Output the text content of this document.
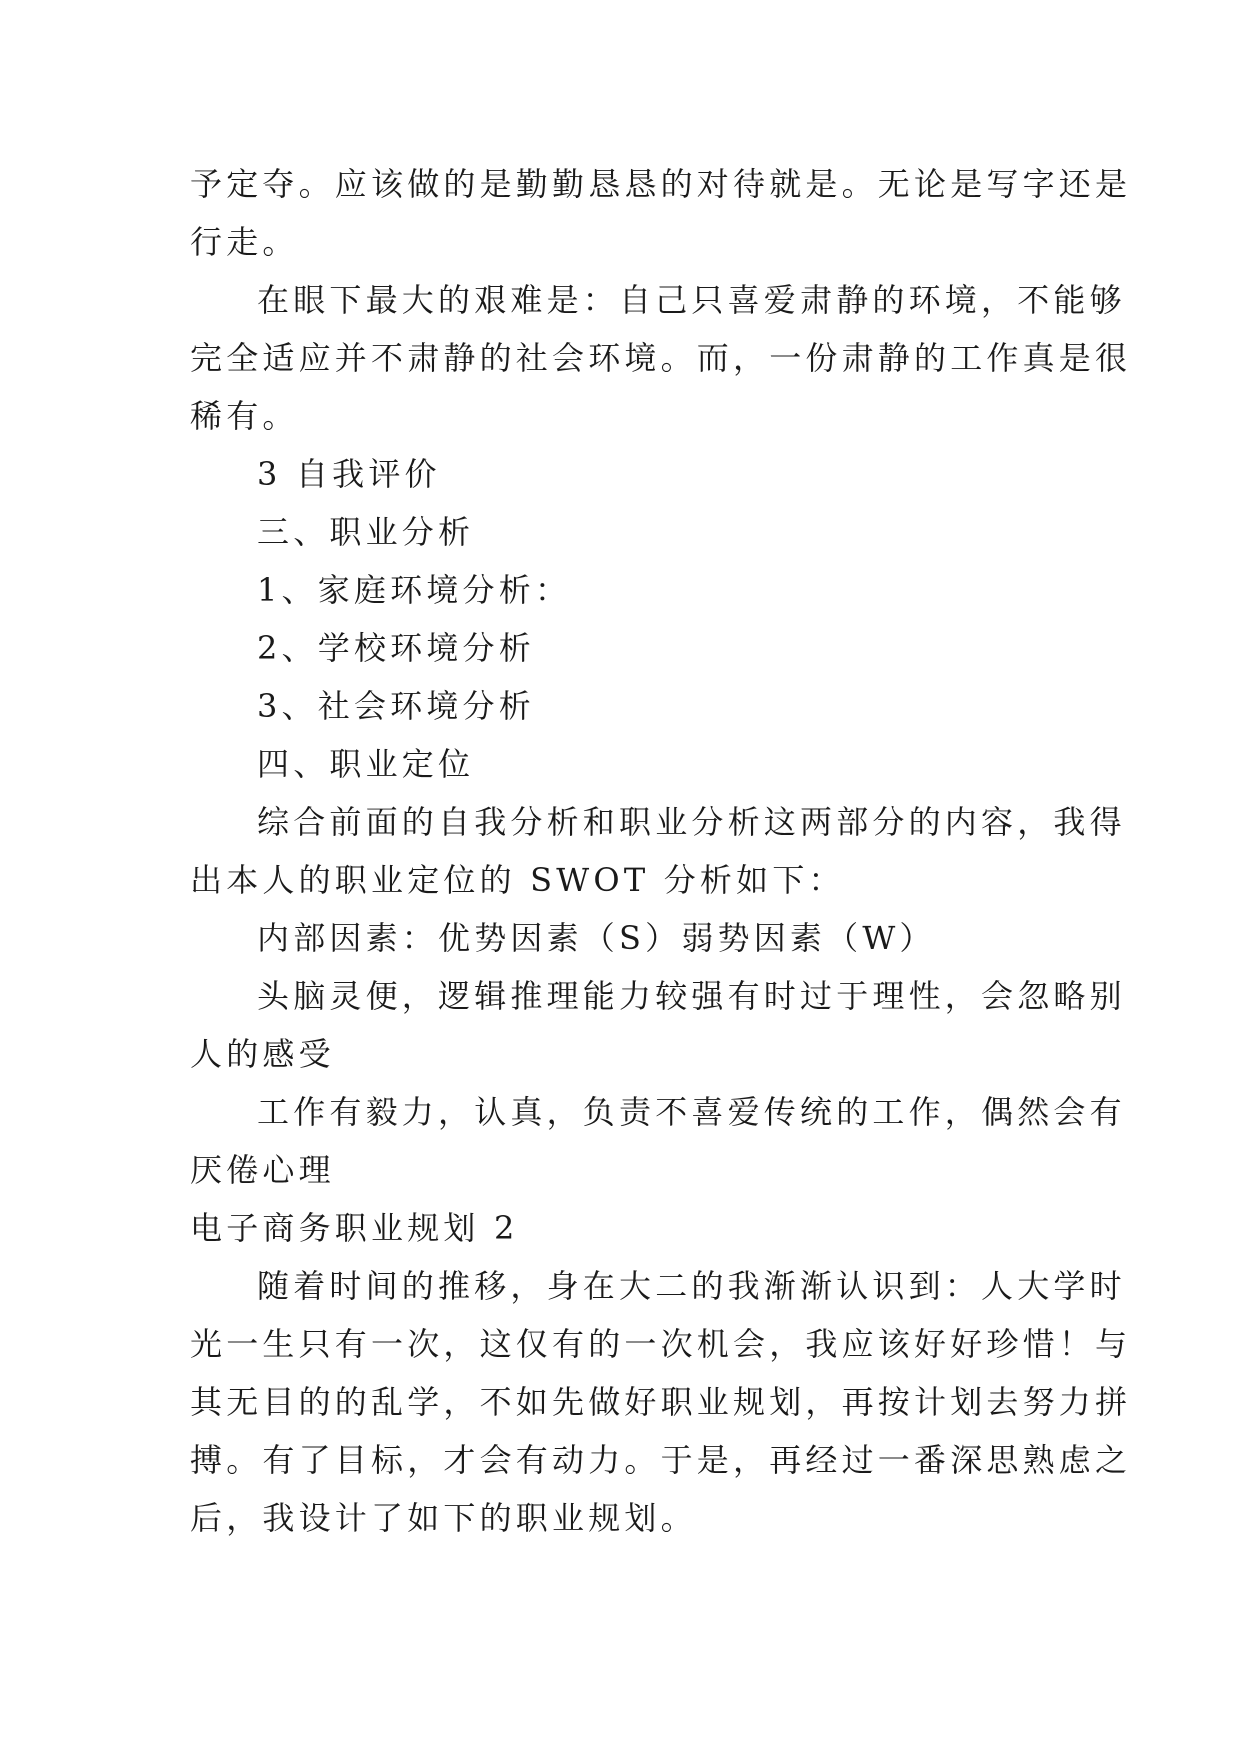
予定夺。应该做的是勤勤恳恳的对待就是。无论是写字还是
行走。
在眼下最大的艰难是：自己只喜爱肃静的环境，不能够
完全适应并不肃静的社会环境。而，一份肃静的工作真是很
稀有。
3 自我评价
三、职业分析
1、家庭环境分析：
2、学校环境分析
3、社会环境分析
四、职业定位
综合前面的自我分析和职业分析这两部分的内容，我得
出本人的职业定位的 SWOT 分析如下：
内部因素：优势因素（S）弱势因素（W）
头脑灵便，逻辑推理能力较强有时过于理性，会忽略别
人的感受
工作有毅力，认真，负责不喜爱传统的工作，偶然会有
厌倦心理
电子商务职业规划 2
随着时间的推移，身在大二的我渐渐认识到：人大学时
光一生只有一次，这仅有的一次机会，我应该好好珍惜！与
其无目的的乱学，不如先做好职业规划，再按计划去努力拼
搏。有了目标，才会有动力。于是，再经过一番深思熟虑之
后，我设计了如下的职业规划。
